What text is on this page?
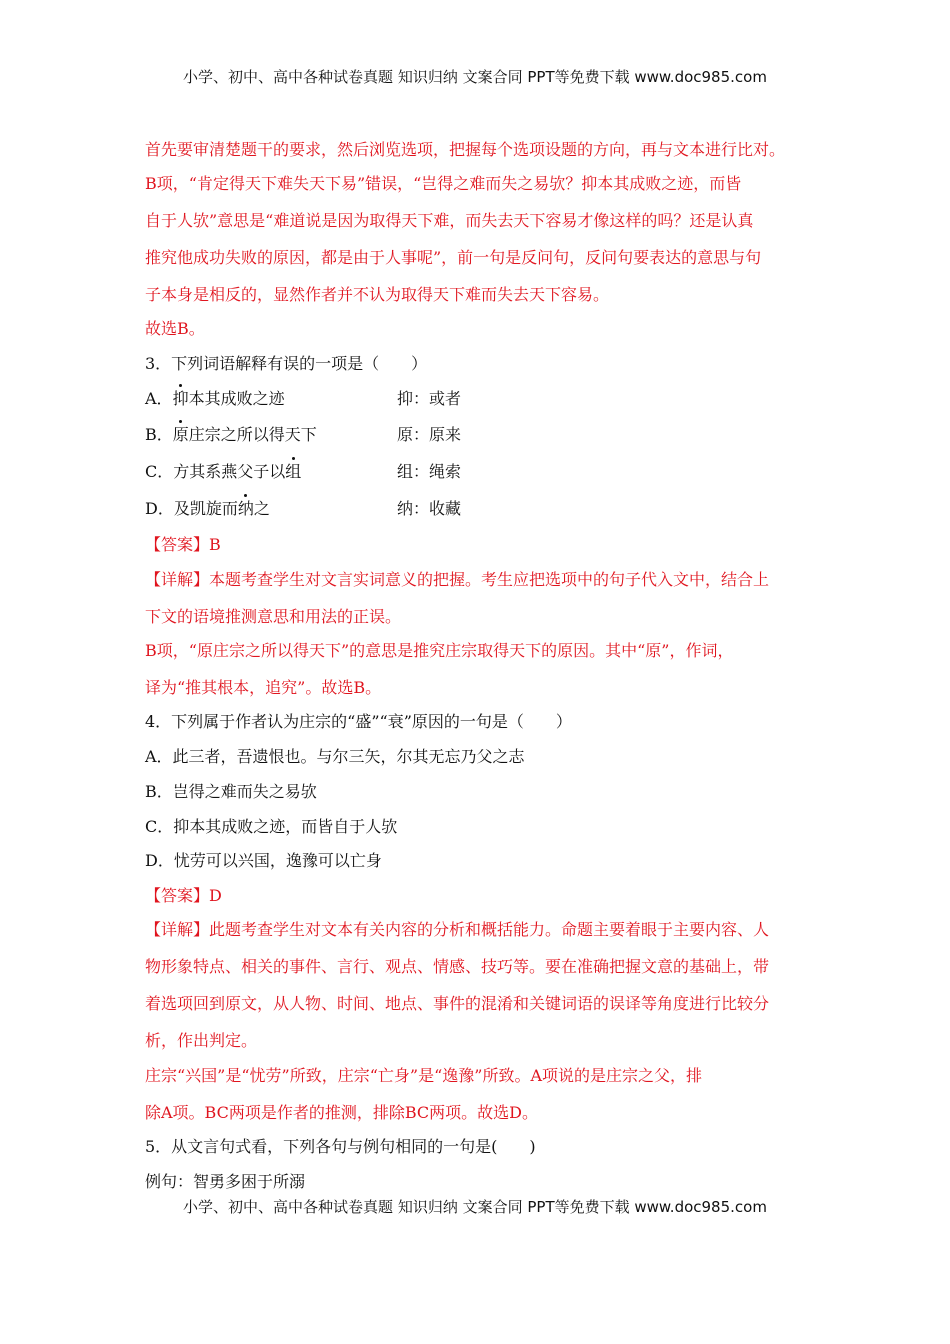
小学、初中、高中各种试卷真题 知识归纳 文案合同 PPT等免费下载 www.doc985.com
首先要审清楚题干的要求，然后浏览选项，把握每个选项设题的方向，再与文本进行比对。
B项，“肯定得天下难失天下易”错误，“岂得之难而失之易欤？抑本其成败之迹，而皆
自于人欤”意思是“难道说是因为取得天下难，而失去天下容易才像这样的吗？还是认真
推究他成功失败的原因，都是由于人事呢”，前一句是反问句，反问句要表达的意思与句
子本身是相反的，显然作者并不认为取得天下难而失去天下容易。
故选B。
3．下列词语解释有误的一项是（　　）
A．抑本其成败之迹	抑：或者
B．原庄宗之所以得天下	原：原来
C．方其系燕父子以组	组：绳索
D．及凯旋而纳之	纳：收藏
【答案】B
【详解】本题考查学生对文言实词意义的把握。考生应把选项中的句子代入文中，结合上
下文的语境推测意思和用法的正误。
B项，“原庄宗之所以得天下”的意思是推究庄宗取得天下的原因。其中“原”，作词，
译为“推其根本，追究”。故选B。
4．下列属于作者认为庄宗的“盛”“衰”原因的一句是（　　）
A．此三者，吾遗恨也。与尔三矢，尔其无忘乃父之志
B．岂得之难而失之易欤
C．抑本其成败之迹，而皆自于人欤
D．忧劳可以兴国，逸豫可以亡身
【答案】D
【详解】此题考查学生对文本有关内容的分析和概括能力。命题主要着眼于主要内容、人
物形象特点、相关的事件、言行、观点、情感、技巧等。要在准确把握文意的基础上，带
着选项回到原文，从人物、时间、地点、事件的混淆和关键词语的误译等角度进行比较分
析，作出判定。
庄宗“兴国”是“忧劳”所致，庄宗“亡身”是“逸豫”所致。A项说的是庄宗之父，排
除A项。BC两项是作者的推测，排除BC两项。故选D。
5．从文言句式看，下列各句与例句相同的一句是(　　)
例句：智勇多困于所溺
小学、初中、高中各种试卷真题 知识归纳 文案合同 PPT等免费下载 www.doc985.com
